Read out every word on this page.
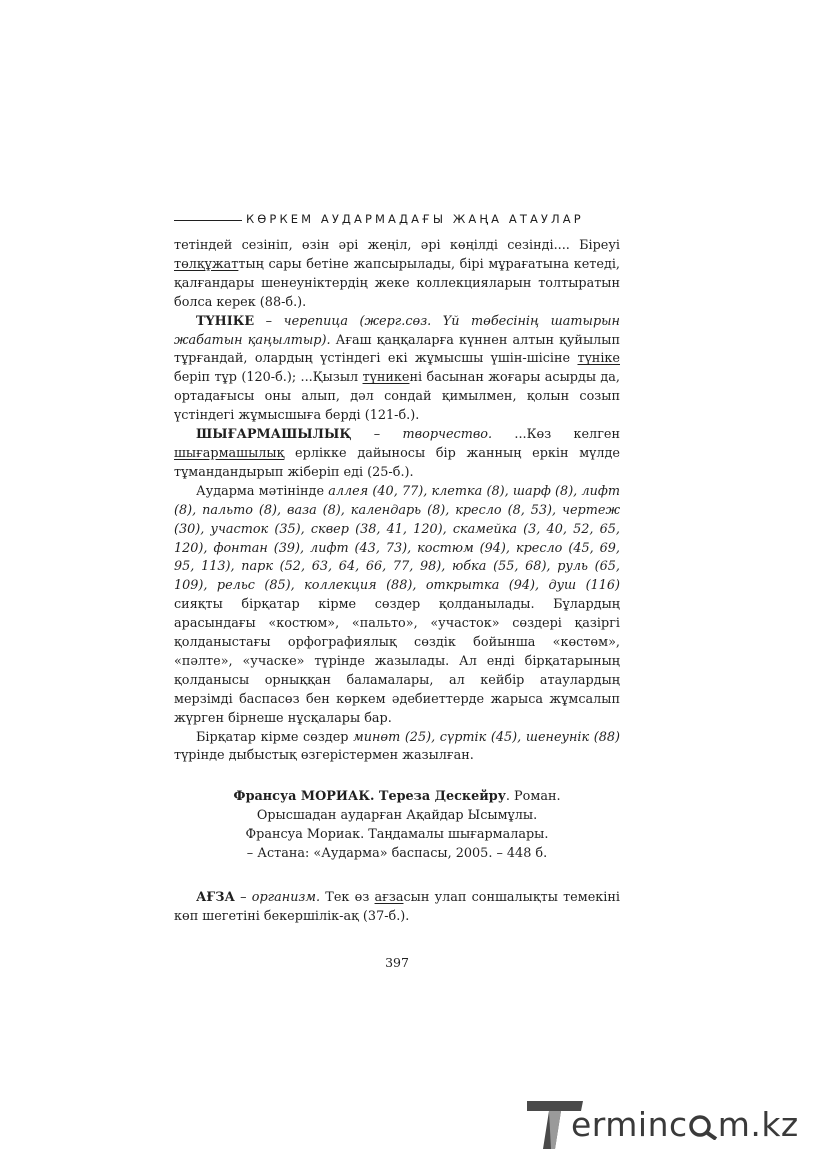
КӨРКЕМ АУДАРМАДАҒЫ ЖАҢА АТАУЛАР

тетіндей сезініп, өзін әрі жеңіл, әрі көңілді сезінді.... Біреуі төлқұжаттың сары бетіне жапсырылады, бірі мұрағатына кетеді, қалғандары шенеуніктердің жеке коллекцияларын толтыратын болса керек (88-б.).

ТҮНІКЕ – черепица (жерг.сөз. Үй төбесінің шатырын жабатын қаңылтыр). Ағаш қаңқаларға күннен алтын қуйылып тұрғандай, олардың үстіндегі екі жұмысшы үшін-шісіне түніке беріп тұр (120-б.); ...Қызыл түникені басынан жоғары асырды да, ортадағысы оны алып, дәл сондай қимылмен, қолын созып үстіндегі жұмысшыға берді (121-б.).

ШЫҒАРМАШЫЛЫҚ – творчество. ...Көз келген шығармашылық ерлікке дайыносы бір жанның еркін мүлде тұмандандырып жіберіп еді (25-б.).

Аударма мәтінінде аллея (40, 77), клетка (8), шарф (8), лифт (8), пальто (8), ваза (8), календарь (8), кресло (8, 53), чертеж (30), участок (35), сквер (38, 41, 120), скамейка (3, 40, 52, 65, 120), фонтан (39), лифт (43, 73), костюм (94), кресло (45, 69, 95, 113), парк (52, 63, 64, 66, 77, 98), юбка (55, 68), руль (65, 109), рельс (85), коллекция (88), открытка (94), душ (116) сияқты бірқатар кірме сөздер қолданылады. Бұлардың арасындағы «костюм», «пальто», «участок» сөздері қазіргі қолданыстағы орфографиялық сөздік бойынша «көстөм», «пәлте», «учаске» түрінде жазылады. Ал енді бірқатарының қолданысы орныққан баламалары, ал кейбір атаулардың мерзімді баспасөз бен көркем әдебиеттерде жарыса жұмсалып жүрген бірнеше нұсқалары бар.

Бірқатар кірме сөздер минөт (25), сүртік (45), шенеунік (88) түрінде дыбыстық өзгерістермен жазылған.

Франсуа МОРИАК. Тереза Дескейру. Роман.
Орысшадан аударған Ақайдар Ысымұлы.
Франсуа Мориак. Таңдамалы шығармалары.
– Астана: «Аударма» баспасы, 2005. – 448 б.

АҒЗА – организм. Тек өз ағзасын улап соншалықты темекіні көп шегетіні бекершілік-ақ (37-б.).

397
erminc m.kz
